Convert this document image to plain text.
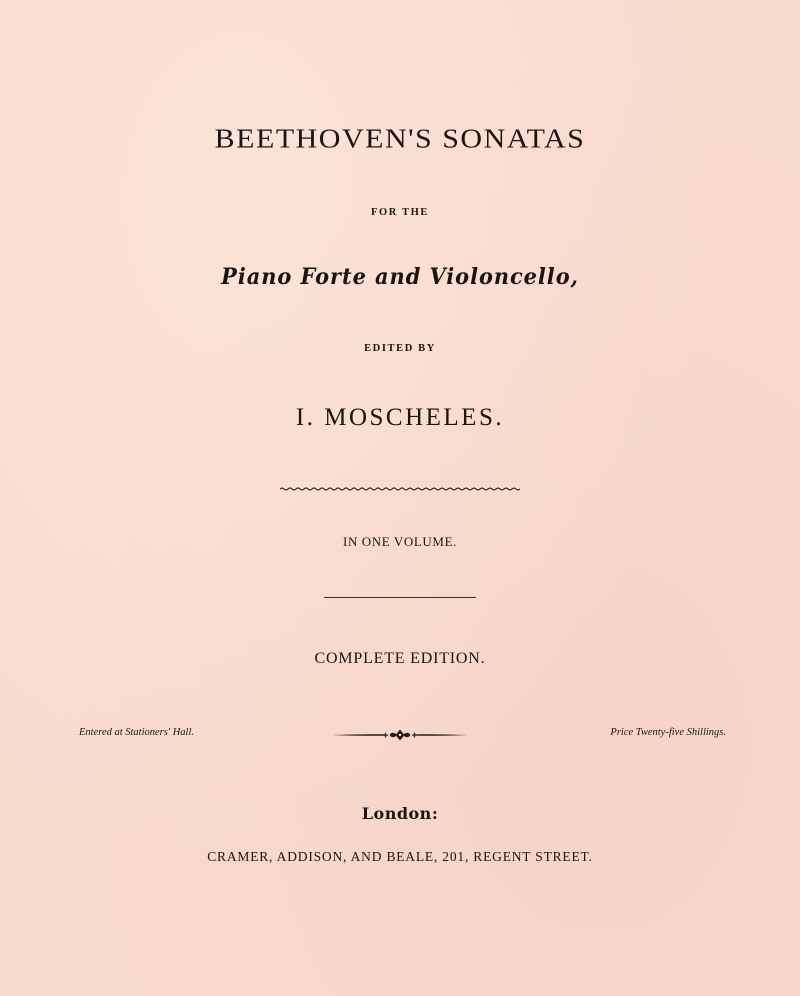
BEETHOVEN'S SONATAS
FOR THE
Piano Forte and Violoncello,
EDITED BY
I. MOSCHELES.
IN ONE VOLUME.
COMPLETE EDITION.
Entered at Stationers' Hall.	Price Twenty-five Shillings.
London:
CRAMER, ADDISON, AND BEALE, 201, REGENT STREET.
